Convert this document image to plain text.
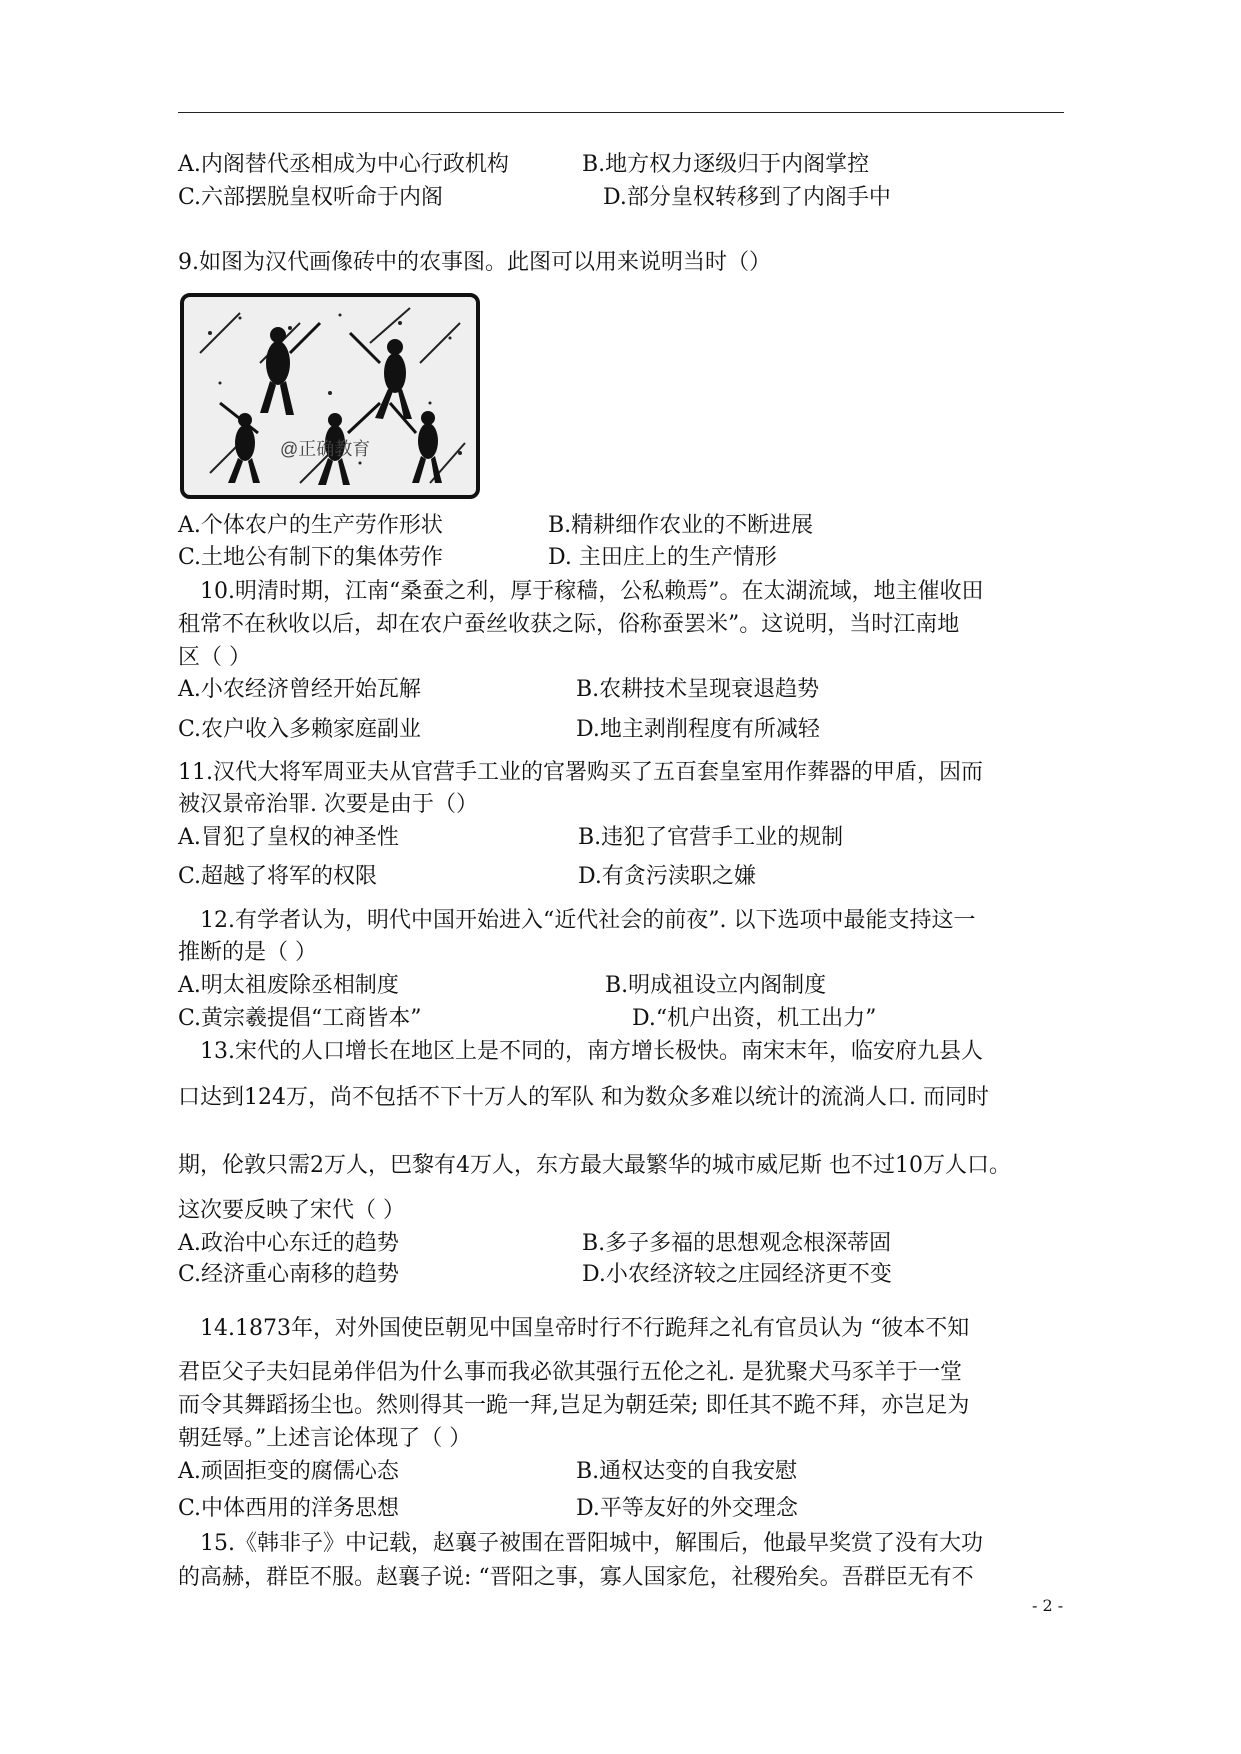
A.内阁替代丞相成为中心行政机构	B.地方权力逐级归于内阁掌控
C.六部摆脱皇权听命于内阁	D.部分皇权转移到了内阁手中
9.如图为汉代画像砖中的农事图。此图可以用来说明当时（）
@正确教育
A.个体农户的生产劳作形状	B.精耕细作农业的不断进展
C.土地公有制下的集体劳作	D. 主田庄上的生产情形
10.明清时期，江南“桑蚕之利，厚于稼穑，公私赖焉”。在太湖流域，地主催收田
租常不在秋收以后，却在农户蚕丝收获之际，俗称蚕罢米”。这说明，当时江南地
区（ ）
A.小农经济曾经开始瓦解	B.农耕技术呈现衰退趋势
C.农户收入多赖家庭副业	D.地主剥削程度有所减轻
11.汉代大将军周亚夫从官营手工业的官署购买了五百套皇室用作葬器的甲盾，因而
被汉景帝治罪. 次要是由于（）
A.冒犯了皇权的神圣性	B.违犯了官营手工业的规制
C.超越了将军的权限	D.有贪污渎职之嫌
12.有学者认为，明代中国开始进入“近代社会的前夜”. 以下选项中最能支持这一
推断的是（ ）
A.明太祖废除丞相制度	B.明成祖设立内阁制度
C.黄宗羲提倡“工商皆本”	D.“机户出资，机工出力”
13.宋代的人口增长在地区上是不同的，南方增长极快。南宋末年，临安府九县人
口达到124万，尚不包括不下十万人的军队 和为数众多难以统计的流淌人口. 而同时
期，伦敦只需2万人，巴黎有4万人，东方最大最繁华的城市威尼斯 也不过10万人口。
这次要反映了宋代（ ）
A.政治中心东迁的趋势	B.多子多福的思想观念根深蒂固
C.经济重心南移的趋势	D.小农经济较之庄园经济更不变
14.1873年，对外国使臣朝见中国皇帝时行不行跪拜之礼有官员认为 “彼本不知
君臣父子夫妇昆弟伴侣为什么事而我必欲其强行五伦之礼. 是犹聚犬马豕羊于一堂
而令其舞蹈扬尘也。然则得其一跪一拜,岂足为朝廷荣; 即任其不跪不拜，亦岂足为
朝廷辱。”上述言论体现了（ ）
A.顽固拒变的腐儒心态	B.通权达变的自我安慰
C.中体西用的洋务思想	D.平等友好的外交理念
15.《韩非子》中记载，赵襄子被围在晋阳城中，解围后，他最早奖赏了没有大功
的高赫，群臣不服。赵襄子说: “晋阳之事，寡人国家危，社稷殆矣。吾群臣无有不
- 2 -
